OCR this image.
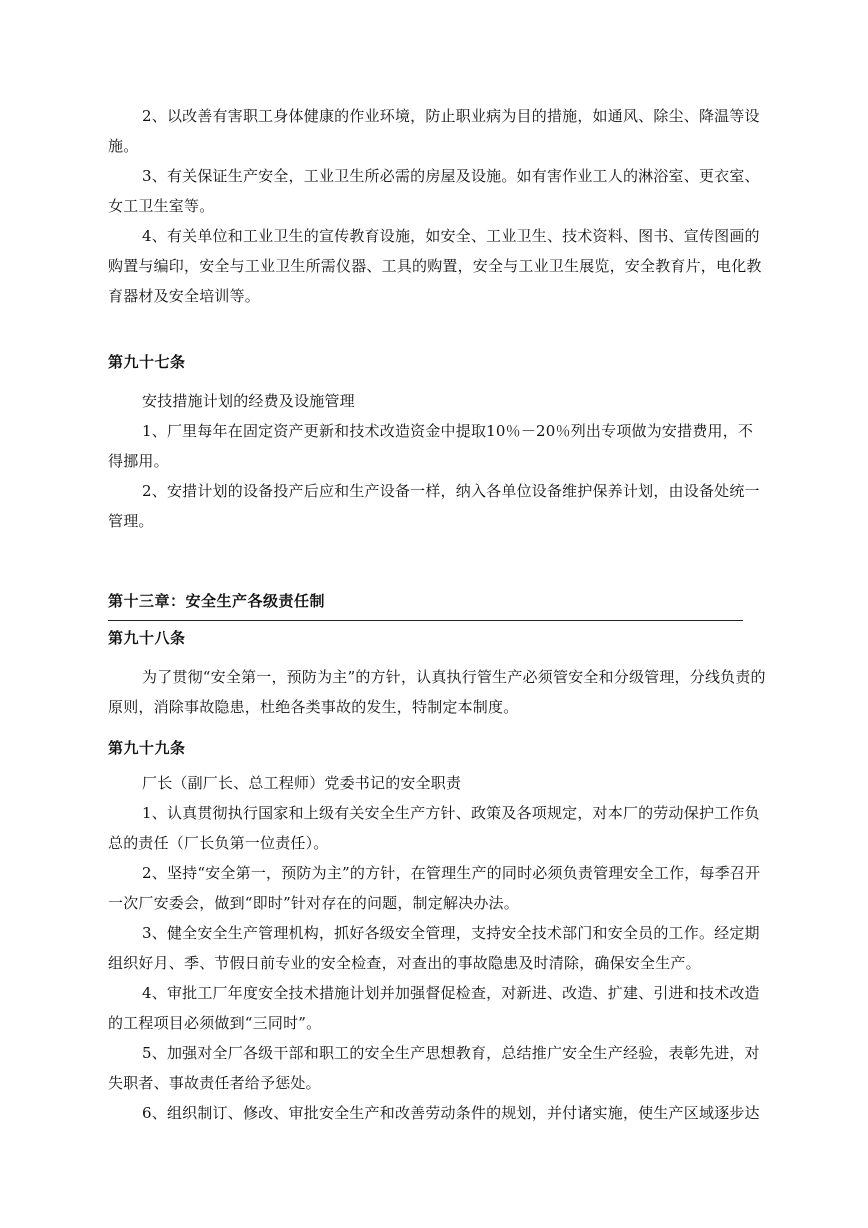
2、以改善有害职工身体健康的作业环境，防止职业病为目的措施，如通风、除尘、降温等设施。

3、有关保证生产安全，工业卫生所必需的房屋及设施。如有害作业工人的淋浴室、更衣室、女工卫生室等。

4、有关单位和工业卫生的宣传教育设施，如安全、工业卫生、技术资料、图书、宣传图画的购置与编印，安全与工业卫生所需仪器、工具的购置，安全与工业卫生展览，安全教育片，电化教育器材及安全培训等。

第九十七条

安技措施计划的经费及设施管理

1、厂里每年在固定资产更新和技术改造资金中提取10％－20％列出专项做为安措费用，不得挪用。

2、安措计划的设备投产后应和生产设备一样，纳入各单位设备维护保养计划，由设备处统一管理。

第十三章：安全生产各级责任制
第九十八条

为了贯彻“安全第一，预防为主”的方针，认真执行管生产必须管安全和分级管理，分线负责的原则，消除事故隐患，杜绝各类事故的发生，特制定本制度。

第九十九条

厂长（副厂长、总工程师）党委书记的安全职责

1、认真贯彻执行国家和上级有关安全生产方针、政策及各项规定，对本厂的劳动保护工作负总的责任（厂长负第一位责任）。

2、坚持“安全第一，预防为主”的方针，在管理生产的同时必须负责管理安全工作，每季召开一次厂安委会，做到“即时”针对存在的问题，制定解决办法。

3、健全安全生产管理机构，抓好各级安全管理，支持安全技术部门和安全员的工作。经定期组织好月、季、节假日前专业的安全检查，对查出的事故隐患及时清除，确保安全生产。

4、审批工厂年度安全技术措施计划并加强督促检查，对新进、改造、扩建、引进和技术改造的工程项目必须做到“三同时”。

5、加强对全厂各级干部和职工的安全生产思想教育，总结推广安全生产经验，表彰先进，对失职者、事故责任者给予惩处。

6、组织制订、修改、审批安全生产和改善劳动条件的规划，并付诸实施，使生产区域逐步达
